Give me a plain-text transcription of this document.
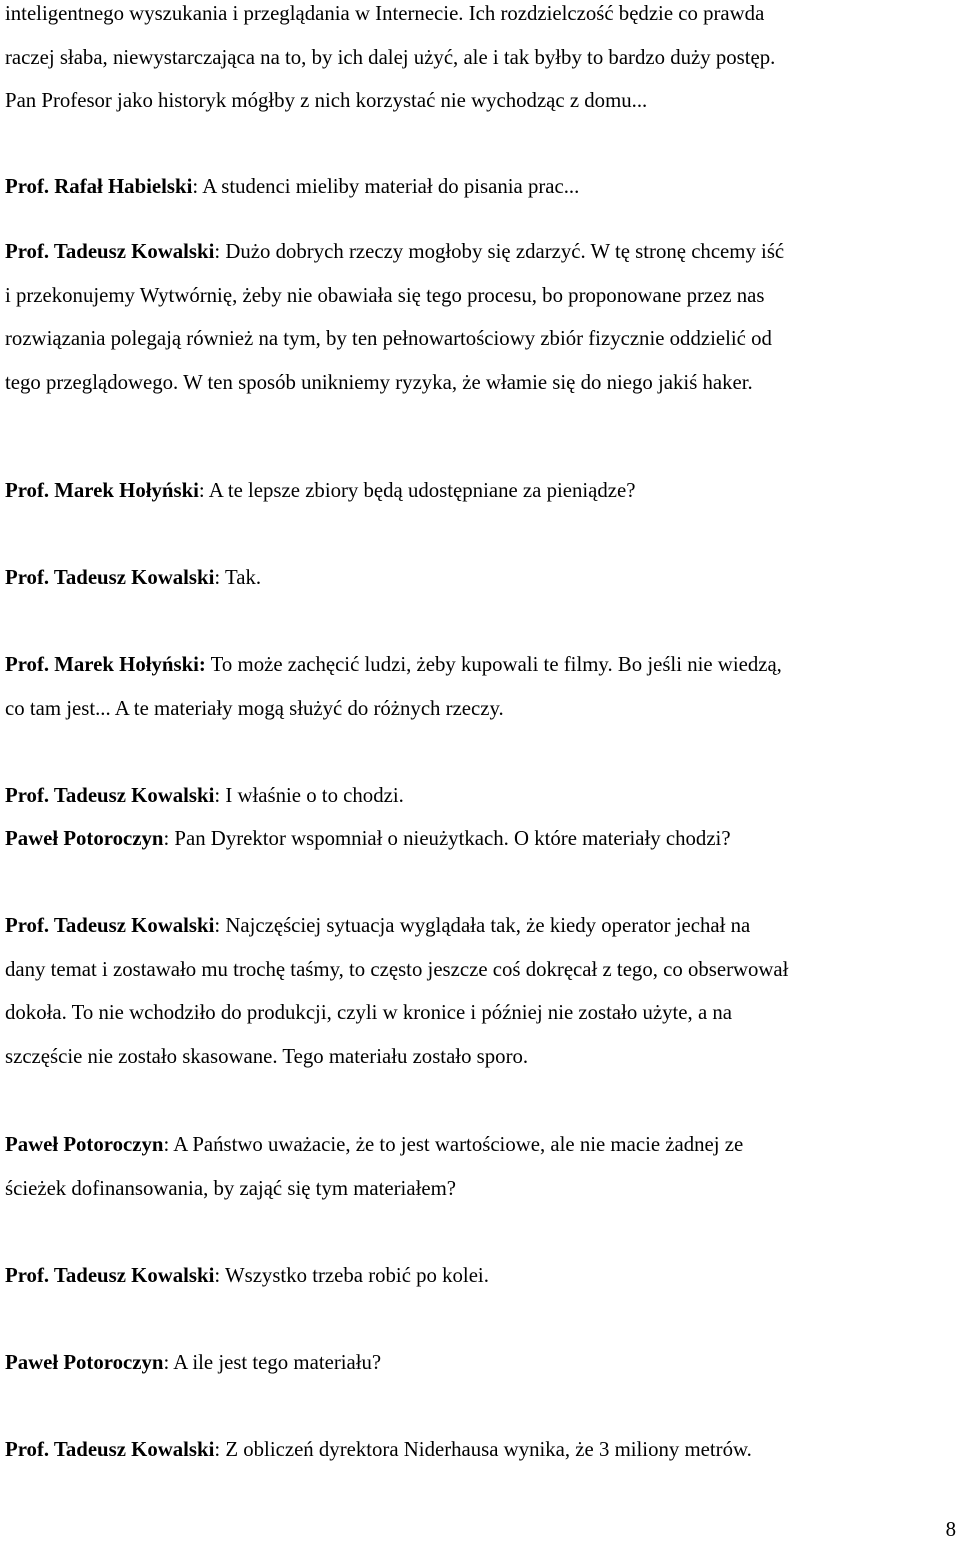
inteligentnego wyszukania i przeglądania w Internecie. Ich rozdzielczość będzie co prawda
raczej słaba, niewystarczająca na to, by ich dalej użyć, ale i tak byłby to bardzo duży postęp.
Pan Profesor jako historyk mógłby z nich korzystać nie wychodząc z domu...

Prof. Rafał Habielski: A studenci mieliby materiał do pisania prac...

Prof. Tadeusz Kowalski: Dużo dobrych rzeczy mogłoby się zdarzyć. W tę stronę chcemy iść
i przekonujemy Wytwórnię, żeby nie obawiała się tego procesu, bo proponowane przez nas
rozwiązania polegają również na tym, by ten pełnowartościowy zbiór fizycznie oddzielić od
tego przeglądowego. W ten sposób unikniemy ryzyka, że włamie się do niego jakiś haker.

Prof. Marek Hołyński: A te lepsze zbiory będą udostępniane za pieniądze?

Prof. Tadeusz Kowalski: Tak.

Prof. Marek Hołyński: To może zachęcić ludzi, żeby kupowali te filmy. Bo jeśli nie wiedzą,
co tam jest... A te materiały mogą służyć do różnych rzeczy.

Prof. Tadeusz Kowalski: I właśnie o to chodzi.

Paweł Potoroczyn: Pan Dyrektor wspomniał o nieużytkach. O które materiały chodzi?

Prof. Tadeusz Kowalski: Najczęściej sytuacja wyglądała tak, że kiedy operator jechał na
dany temat i zostawało mu trochę taśmy, to często jeszcze coś dokręcał z tego, co obserwował
dokoła. To nie wchodziło do produkcji, czyli w kronice i później nie zostało użyte, a na
szczęście nie zostało skasowane. Tego materiału zostało sporo.

Paweł Potoroczyn: A Państwo uważacie, że to jest wartościowe, ale nie macie żadnej ze
ścieżek dofinansowania, by zająć się tym materiałem?

Prof. Tadeusz Kowalski: Wszystko trzeba robić po kolei.

Paweł Potoroczyn: A ile jest tego materiału?

Prof. Tadeusz Kowalski: Z obliczeń dyrektora Niderhausa wynika, że 3 miliony metrów.

8
